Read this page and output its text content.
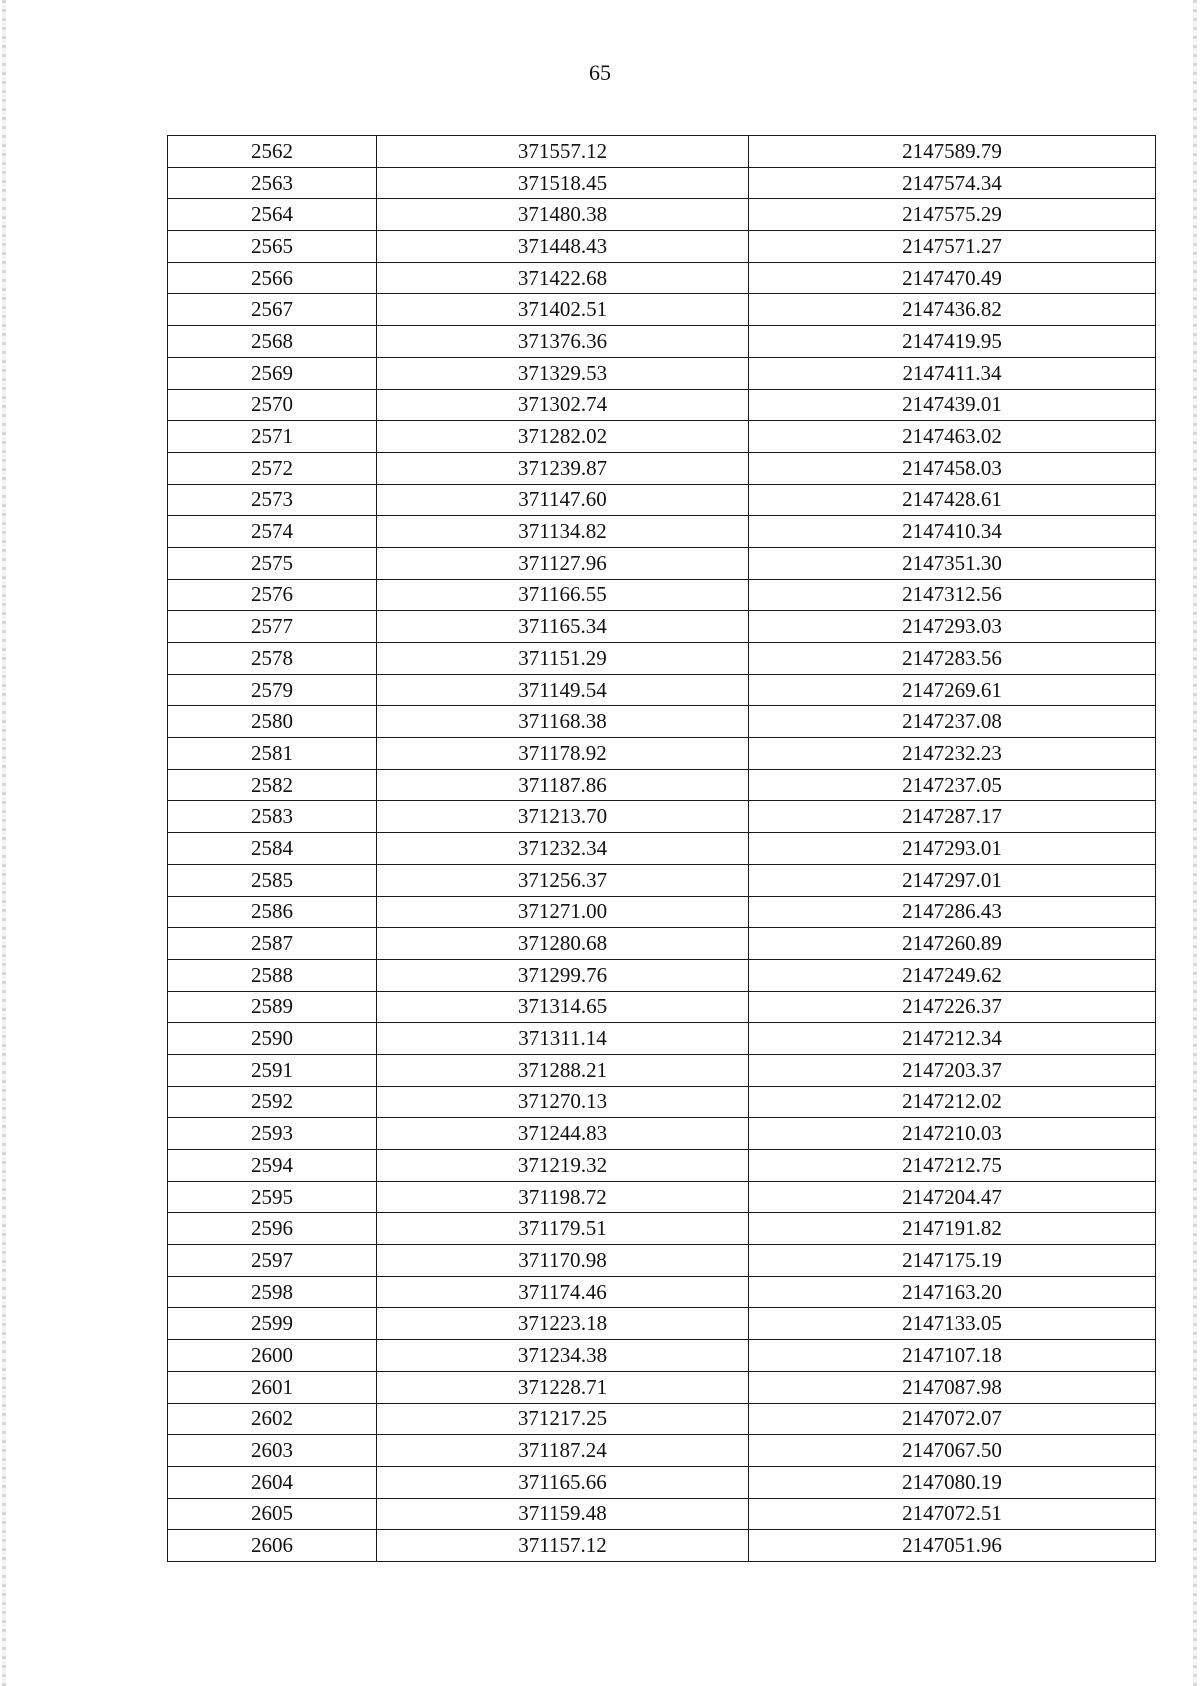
65
2562	371557.12	2147589.79
2563	371518.45	2147574.34
2564	371480.38	2147575.29
2565	371448.43	2147571.27
2566	371422.68	2147470.49
2567	371402.51	2147436.82
2568	371376.36	2147419.95
2569	371329.53	2147411.34
2570	371302.74	2147439.01
2571	371282.02	2147463.02
2572	371239.87	2147458.03
2573	371147.60	2147428.61
2574	371134.82	2147410.34
2575	371127.96	2147351.30
2576	371166.55	2147312.56
2577	371165.34	2147293.03
2578	371151.29	2147283.56
2579	371149.54	2147269.61
2580	371168.38	2147237.08
2581	371178.92	2147232.23
2582	371187.86	2147237.05
2583	371213.70	2147287.17
2584	371232.34	2147293.01
2585	371256.37	2147297.01
2586	371271.00	2147286.43
2587	371280.68	2147260.89
2588	371299.76	2147249.62
2589	371314.65	2147226.37
2590	371311.14	2147212.34
2591	371288.21	2147203.37
2592	371270.13	2147212.02
2593	371244.83	2147210.03
2594	371219.32	2147212.75
2595	371198.72	2147204.47
2596	371179.51	2147191.82
2597	371170.98	2147175.19
2598	371174.46	2147163.20
2599	371223.18	2147133.05
2600	371234.38	2147107.18
2601	371228.71	2147087.98
2602	371217.25	2147072.07
2603	371187.24	2147067.50
2604	371165.66	2147080.19
2605	371159.48	2147072.51
2606	371157.12	2147051.96
